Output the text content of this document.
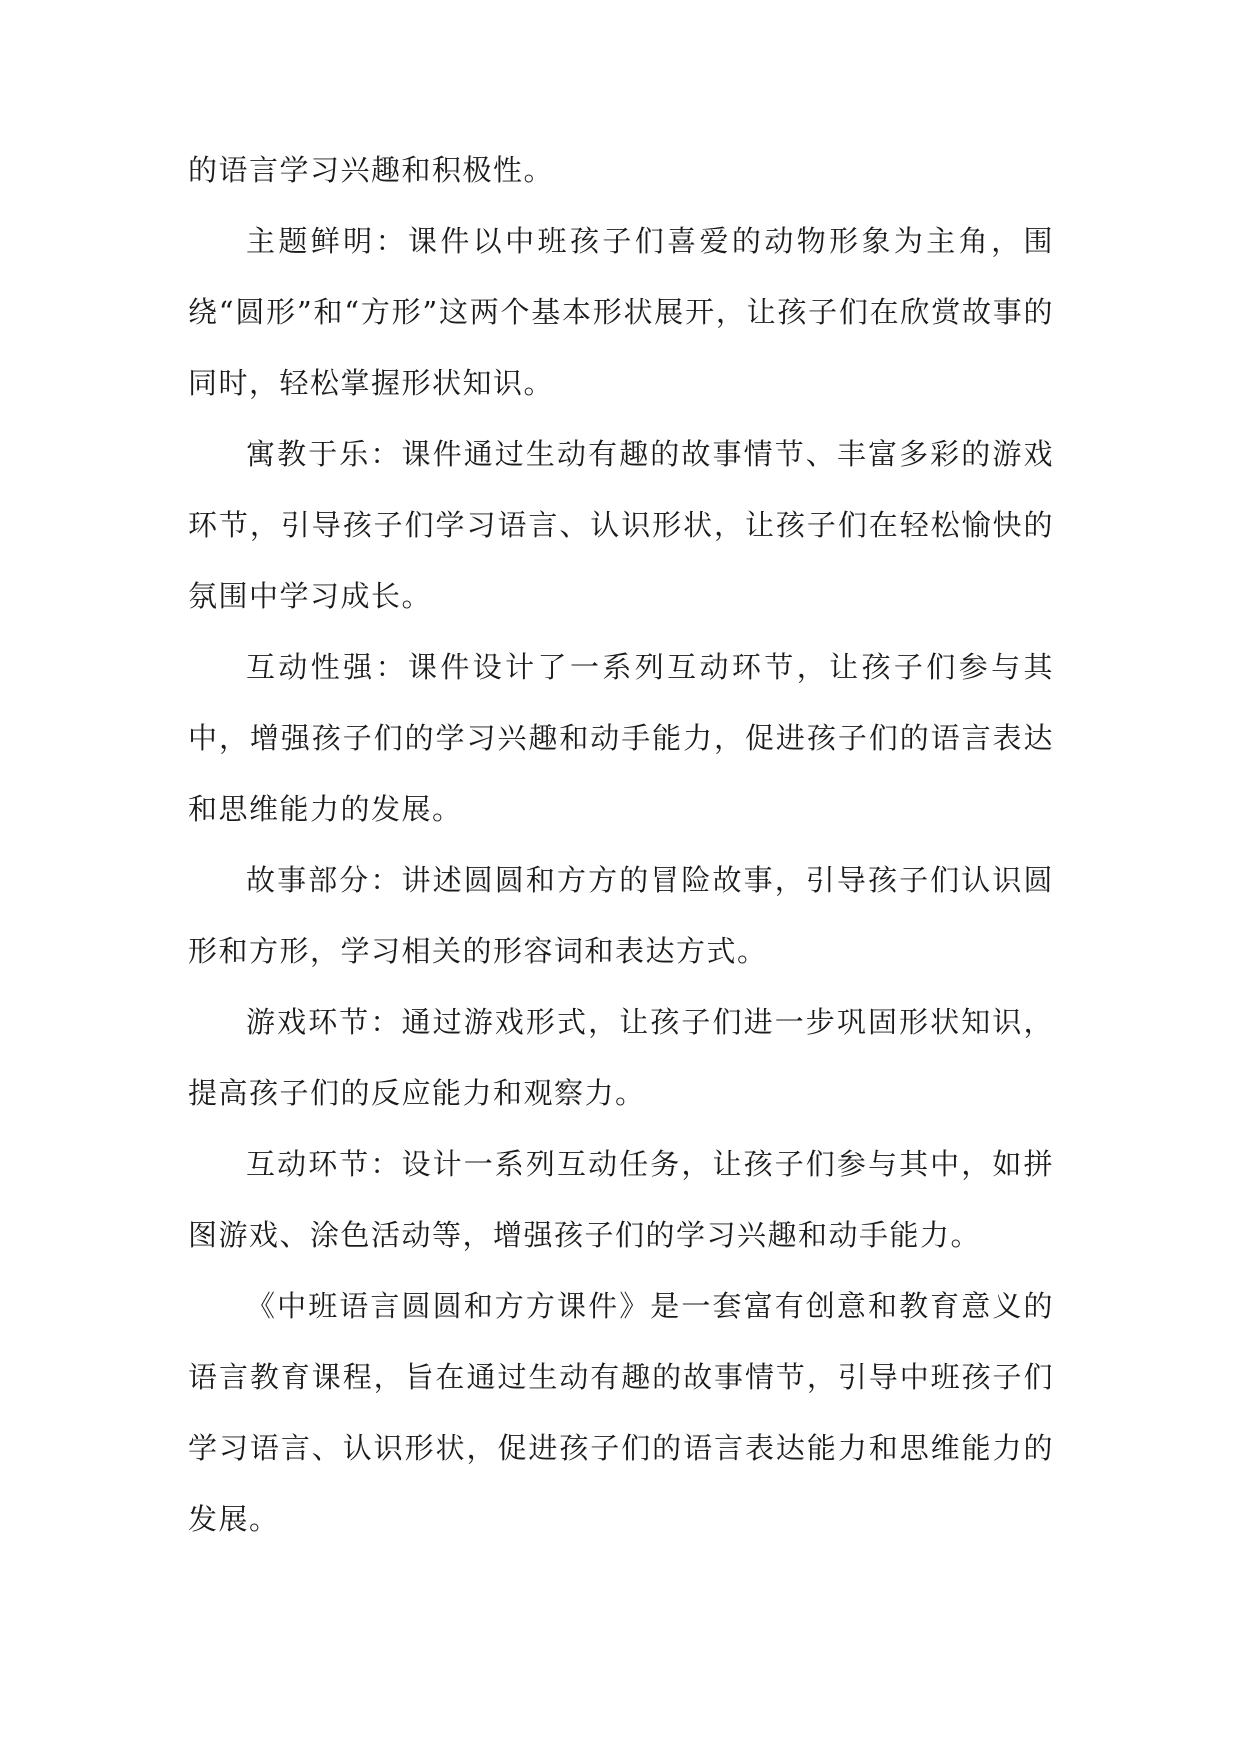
的语言学习兴趣和积极性。

主题鲜明：课件以中班孩子们喜爱的动物形象为主角，围绕“圆形”和“方形”这两个基本形状展开，让孩子们在欣赏故事的同时，轻松掌握形状知识。

寓教于乐：课件通过生动有趣的故事情节、丰富多彩的游戏环节，引导孩子们学习语言、认识形状，让孩子们在轻松愉快的氛围中学习成长。

互动性强：课件设计了一系列互动环节，让孩子们参与其中，增强孩子们的学习兴趣和动手能力，促进孩子们的语言表达和思维能力的发展。

故事部分：讲述圆圆和方方的冒险故事，引导孩子们认识圆形和方形，学习相关的形容词和表达方式。

游戏环节：通过游戏形式，让孩子们进一步巩固形状知识，提高孩子们的反应能力和观察力。

互动环节：设计一系列互动任务，让孩子们参与其中，如拼图游戏、涂色活动等，增强孩子们的学习兴趣和动手能力。

《中班语言圆圆和方方课件》是一套富有创意和教育意义的语言教育课程，旨在通过生动有趣的故事情节，引导中班孩子们学习语言、认识形状，促进孩子们的语言表达能力和思维能力的发展。
